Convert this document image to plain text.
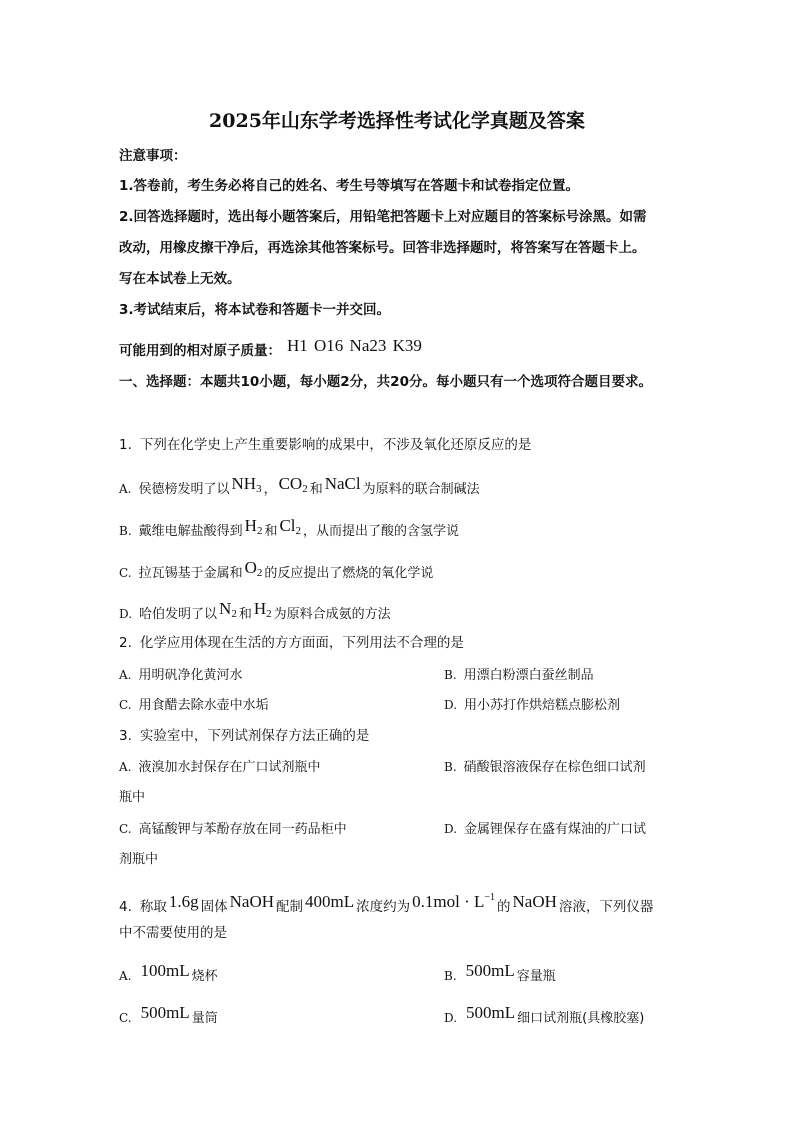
2025年山东学考选择性考试化学真题及答案
注意事项：
1.答卷前，考生务必将自己的姓名、考生号等填写在答题卡和试卷指定位置。
2.回答选择题时，选出每小题答案后，用铅笔把答题卡上对应题目的答案标号涂黑。如需
改动，用橡皮擦干净后，再选涂其他答案标号。回答非选择题时，将答案写在答题卡上。
写在本试卷上无效。
3.考试结束后，将本试卷和答题卡一并交回。
可能用到的相对原子质量： H1 O16 Na23 K39
一、选择题：本题共10小题，每小题2分，共20分。每小题只有一个选项符合题目要求。
1. 下列在化学史上产生重要影响的成果中，不涉及氧化还原反应的是
A. 侯德榜发明了以 $NH_3$ ， $CO_2$ 和 NaCl 为原料的联合制碱法
B. 戴维电解盐酸得到 $H_2$ 和 $Cl_2$ ，从而提出了酸的含氢学说
C. 拉瓦锡基于金属和 $O_2$ 的反应提出了燃烧的氧化学说
D. 哈伯发明了以 $N_2$ 和 $H_2$ 为原料合成氨的方法
2. 化学应用体现在生活的方方面面，下列用法不合理的是
A. 用明矾净化黄河水	B. 用漂白粉漂白蚕丝制品
C. 用食醋去除水壶中水垢	D. 用小苏打作烘焙糕点膨松剂
3. 实验室中，下列试剂保存方法正确的是
A. 液溴加水封保存在广口试剂瓶中	B. 硝酸银溶液保存在棕色细口试剂
瓶中
C. 高锰酸钾与苯酚存放在同一药品柜中	D. 金属锂保存在盛有煤油的广口试
剂瓶中
4. 称取 1.6g 固体 NaOH 配制 400mL 浓度约为 $0.1mol \cdot L^{-1}$的 NaOH 溶液，下列仪器
中不需要使用的是
A. 100mL 烧杯	B. 500mL 容量瓶
C. 500mL 量筒	D. 500mL 细口试剂瓶(具橡胶塞)
